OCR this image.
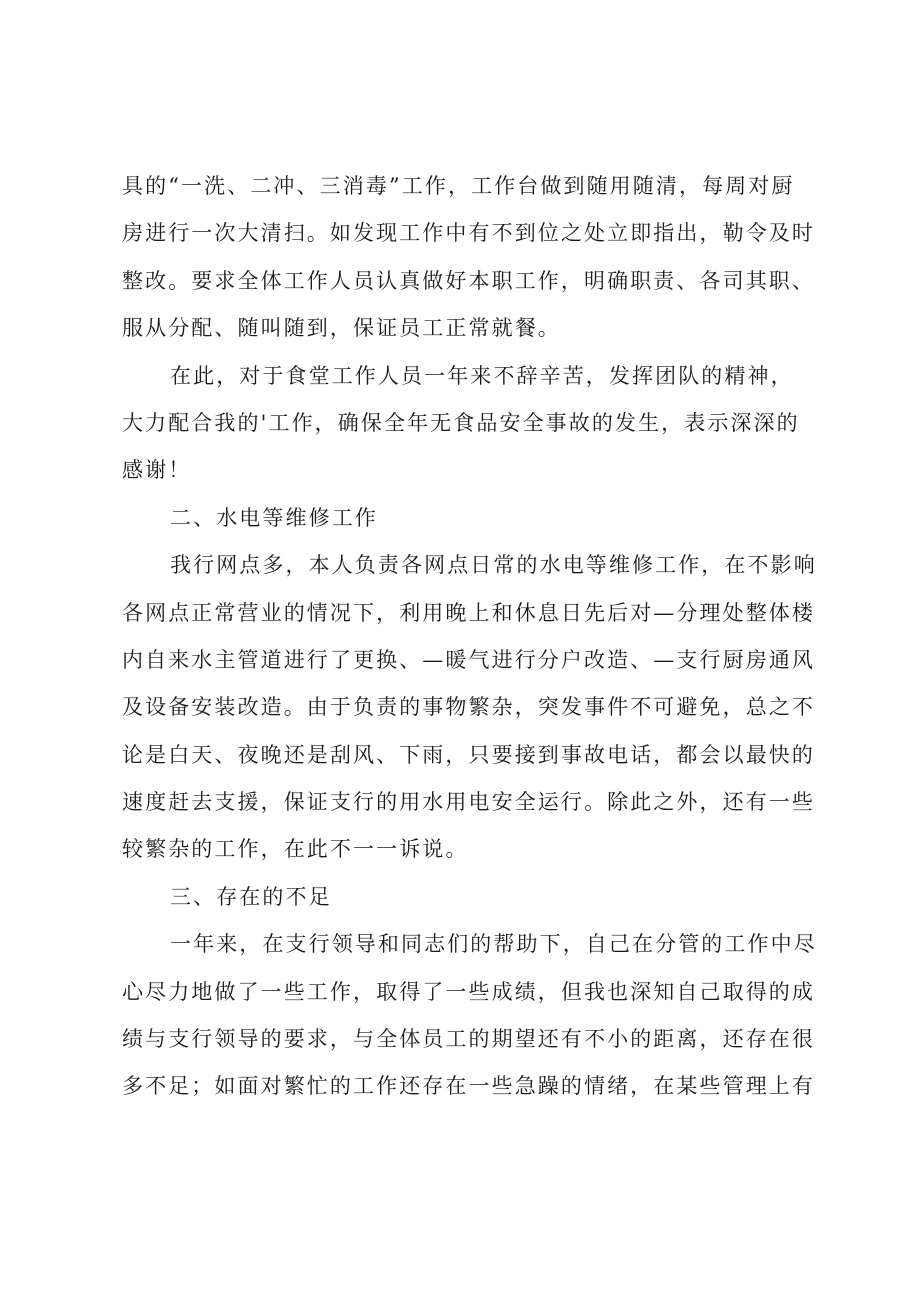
具的“一洗、二冲、三消毒”工作，工作台做到随用随清，每周对厨
房进行一次大清扫。如发现工作中有不到位之处立即指出，勒令及时
整改。要求全体工作人员认真做好本职工作，明确职责、各司其职、
服从分配、随叫随到，保证员工正常就餐。
在此，对于食堂工作人员一年来不辞辛苦，发挥团队的精神，
大力配合我的'工作，确保全年无食品安全事故的发生，表示深深的
感谢！
二、水电等维修工作
我行网点多，本人负责各网点日常的水电等维修工作，在不影响
各网点正常营业的情况下，利用晚上和休息日先后对—分理处整体楼
内自来水主管道进行了更换、—暖气进行分户改造、—支行厨房通风
及设备安装改造。由于负责的事物繁杂，突发事件不可避免，总之不
论是白天、夜晚还是刮风、下雨，只要接到事故电话，都会以最快的
速度赶去支援，保证支行的用水用电安全运行。除此之外，还有一些
较繁杂的工作，在此不一一诉说。
三、存在的不足
一年来，在支行领导和同志们的帮助下，自己在分管的工作中尽
心尽力地做了一些工作，取得了一些成绩，但我也深知自己取得的成
绩与支行领导的要求，与全体员工的期望还有不小的距离，还存在很
多不足；如面对繁忙的工作还存在一些急躁的情绪，在某些管理上有
